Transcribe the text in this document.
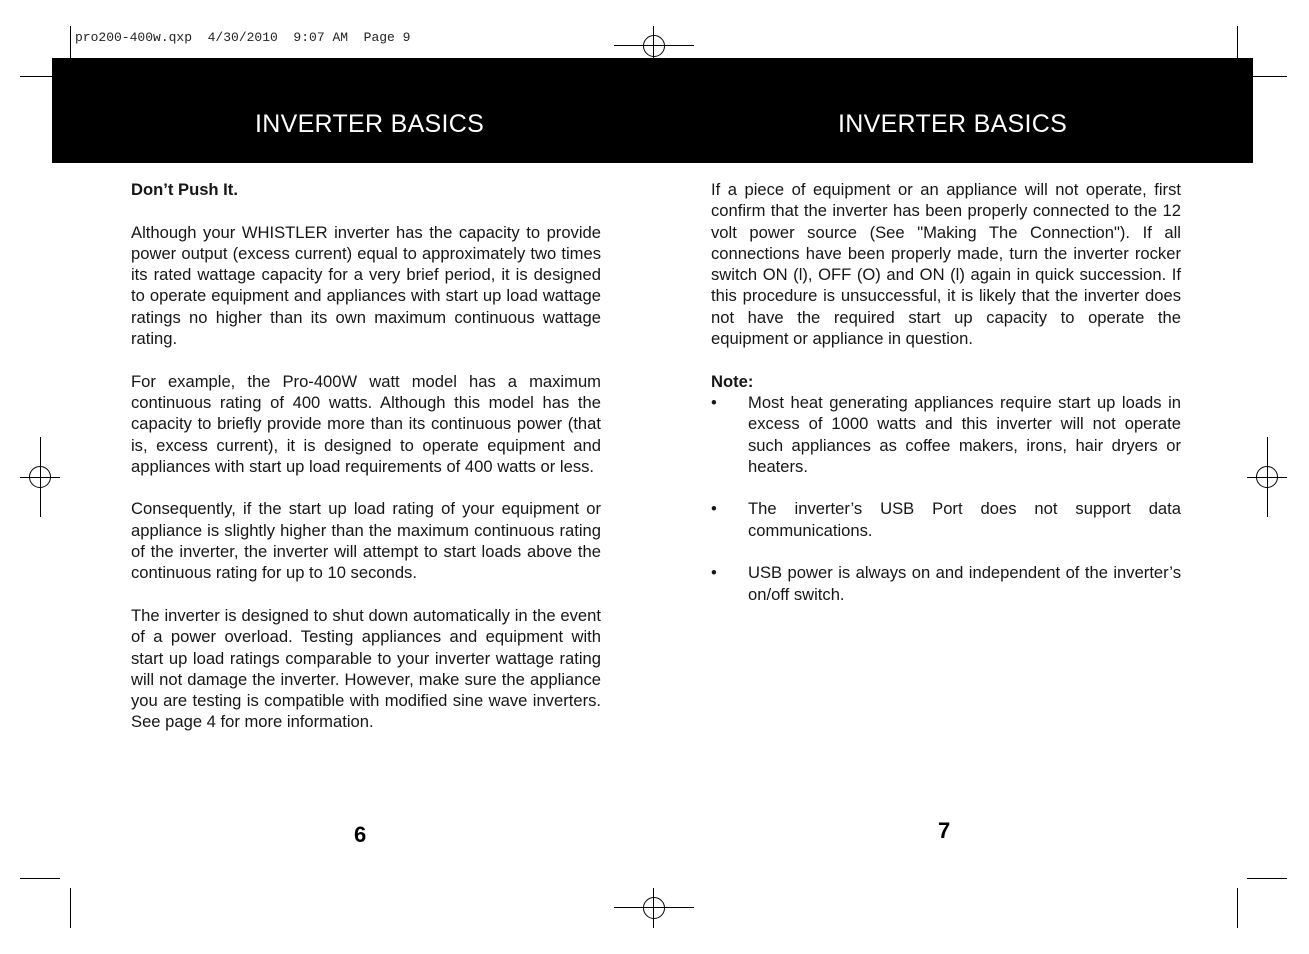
pro200-400w.qxp  4/30/2010  9:07 AM  Page 9
INVERTER BASICS	INVERTER BASICS
Don’t Push It.

Although your WHISTLER inverter has the capacity to provide power output (excess current) equal to approximately two times its rated wattage capacity for a very brief period, it is designed to operate equipment and appliances with start up load wattage ratings no higher than its own maximum continuous wattage rating.

For example, the Pro-400W watt model has a maximum continuous rating of 400 watts. Although this model has the capacity to briefly provide more than its continuous power (that is, excess current), it is designed to operate equipment and appliances with start up load requirements of 400 watts or less.

Consequently, if the start up load rating of your equipment or appliance is slightly higher than the maximum continuous rating of the inverter, the inverter will attempt to start loads above the continuous rating for up to 10 seconds.

The inverter is designed to shut down automatically in the event of a power overload. Testing appliances and equipment with start up load ratings comparable to your inverter wattage rating will not damage the inverter. However, make sure the appliance you are testing is compatible with modified sine wave inverters. See page 4 for more information.

If a piece of equipment or an appliance will not operate, first confirm that the inverter has been properly connected to the 12 volt power source (See "Making The Connection"). If all connections have been properly made, turn the inverter rocker switch ON (l), OFF (O) and ON (l) again in quick succession. If this procedure is unsuccessful, it is likely that the inverter does not have the required start up capacity to operate the equipment or appliance in question.

Note:
• Most heat generating appliances require start up loads in excess of 1000 watts and this inverter will not operate such appliances as coffee makers, irons, hair dryers or heaters.
• The inverter’s USB Port does not support data communications.
• USB power is always on and independent of the inverter’s on/off switch.
6	7
